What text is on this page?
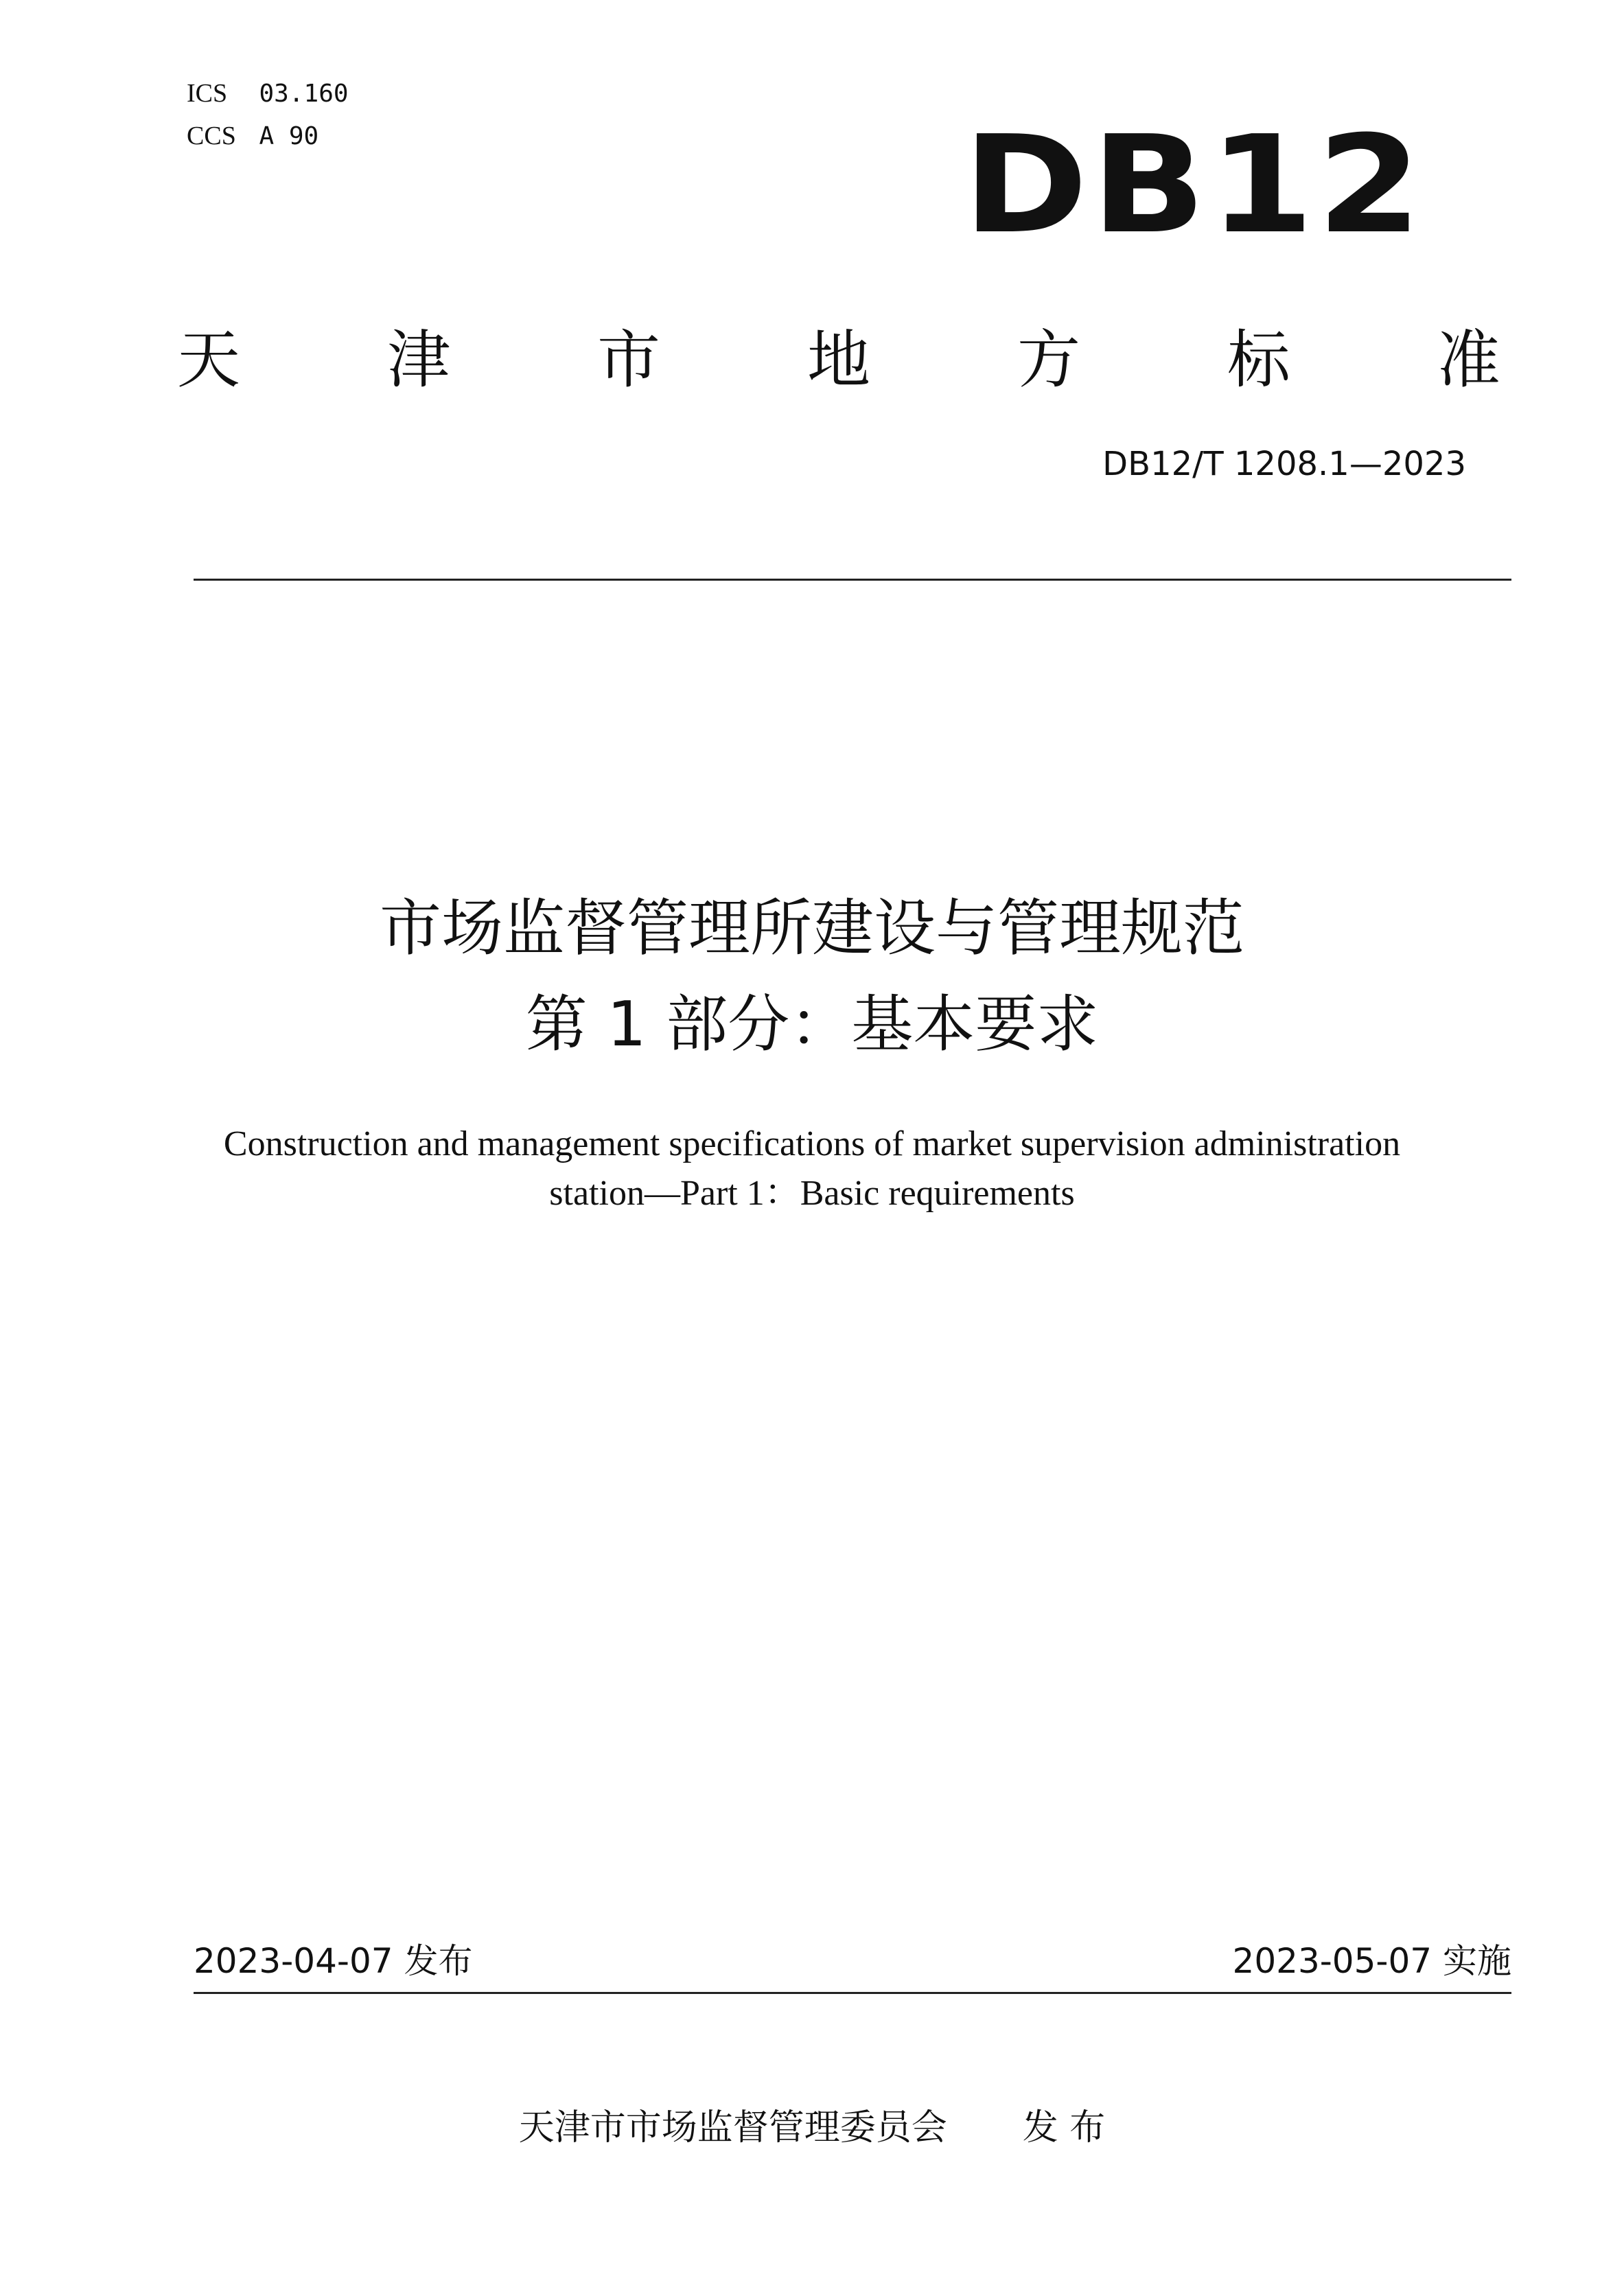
ICS 03.160
CCS A 90	DB12
天 津 市 地 方 标 准
DB12/T 1208.1—2023
市场监督管理所建设与管理规范
第 1 部分：基本要求
Construction and management specifications of market supervision administration
station—Part 1：Basic requirements
2023-04-07 发布	2023-05-07 实施
天津市市场监督管理委员会 发 布
